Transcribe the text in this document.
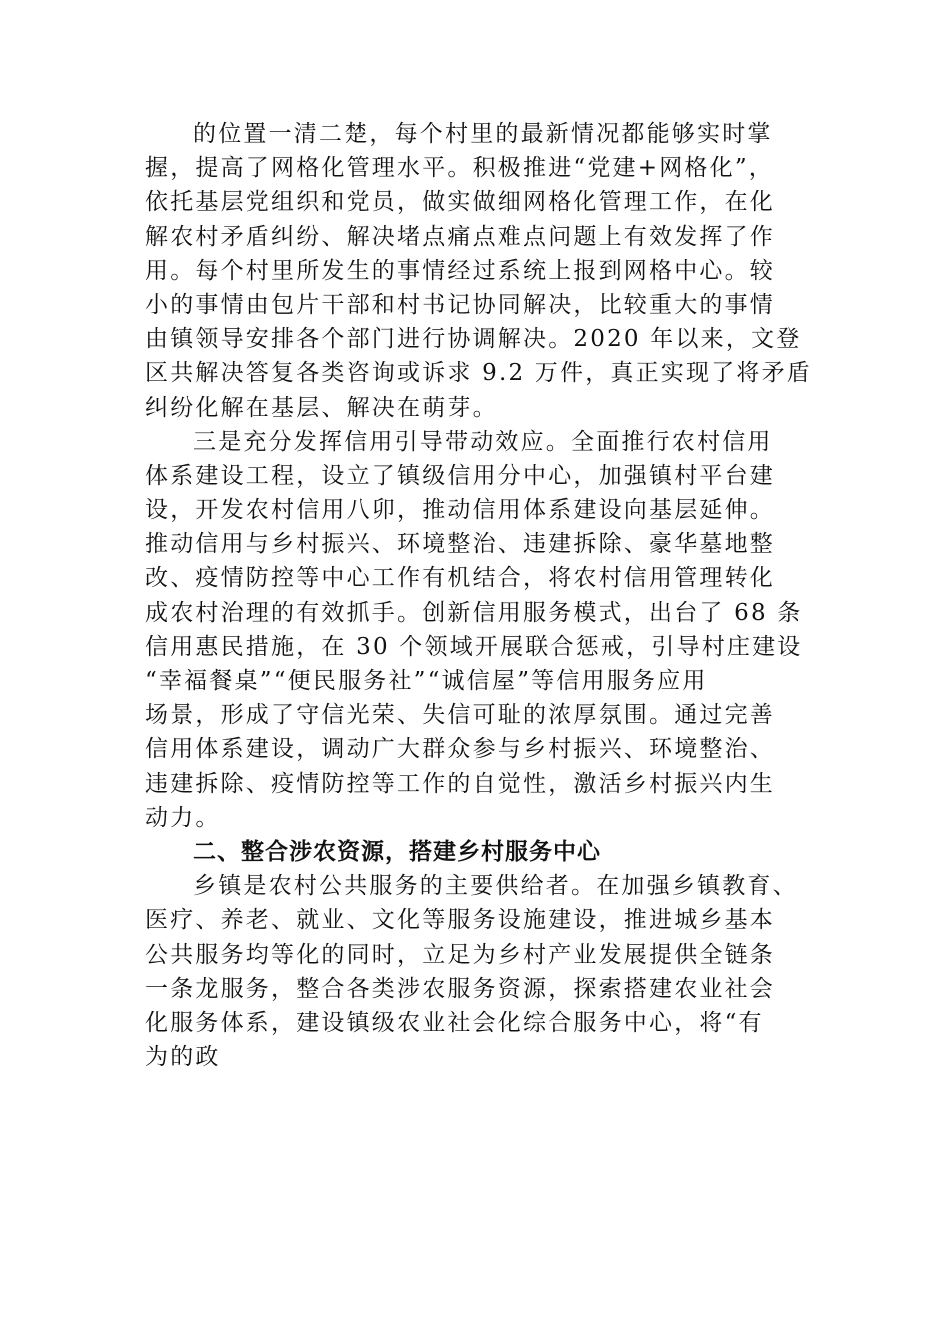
的位置一清二楚，每个村里的最新情况都能够实时掌
握，提高了网格化管理水平。积极推进“党建+网格化”，
依托基层党组织和党员，做实做细网格化管理工作，在化
解农村矛盾纠纷、解决堵点痛点难点问题上有效发挥了作
用。每个村里所发生的事情经过系统上报到网格中心。较
小的事情由包片干部和村书记协同解决，比较重大的事情
由镇领导安排各个部门进行协调解决。2020 年以来，文登
区共解决答复各类咨询或诉求 9.2 万件，真正实现了将矛盾
纠纷化解在基层、解决在萌芽。
三是充分发挥信用引导带动效应。全面推行农村信用
体系建设工程，设立了镇级信用分中心，加强镇村平台建
设，开发农村信用八卯，推动信用体系建设向基层延伸。
推动信用与乡村振兴、环境整治、违建拆除、豪华墓地整
改、疫情防控等中心工作有机结合，将农村信用管理转化
成农村治理的有效抓手。创新信用服务模式，出台了 68 条
信用惠民措施，在 30 个领域开展联合惩戒，引导村庄建设
“幸福餐桌”“便民服务社”“诚信屋”等信用服务应用
场景，形成了守信光荣、失信可耻的浓厚氛围。通过完善
信用体系建设，调动广大群众参与乡村振兴、环境整治、
违建拆除、疫情防控等工作的自觉性，激活乡村振兴内生
动力。
二、整合涉农资源，搭建乡村服务中心
乡镇是农村公共服务的主要供给者。在加强乡镇教育、
医疗、养老、就业、文化等服务设施建设，推进城乡基本
公共服务均等化的同时，立足为乡村产业发展提供全链条
一条龙服务，整合各类涉农服务资源，探索搭建农业社会
化服务体系，建设镇级农业社会化综合服务中心，将“有
为的政
